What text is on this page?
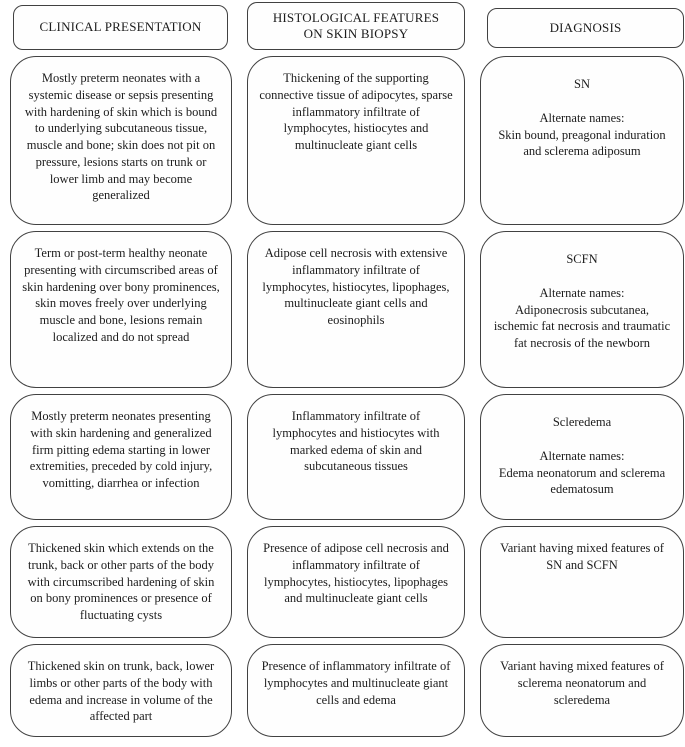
CLINICAL PRESENTATION
HISTOLOGICAL FEATURES
ON SKIN BIOPSY	DIAGNOSIS
Mostly preterm neonates with a systemic disease or sepsis presenting with hardening of skin which is bound to underlying subcutaneous tissue, muscle and bone; skin does not pit on pressure, lesions starts on trunk or lower limb and may become generalized
Thickening of the supporting connective tissue of adipocytes, sparse inflammatory infiltrate of lymphocytes, histiocytes and multinucleate giant cells
SN
Alternate names:
Skin bound, preagonal induration and sclerema adiposum
Term or post-term healthy neonate presenting with circumscribed areas of skin hardening over bony prominences, skin moves freely over underlying muscle and bone, lesions remain localized and do not spread
Adipose cell necrosis with extensive inflammatory infiltrate of lymphocytes, histiocytes, lipophages, multinucleate giant cells and eosinophils
SCFN
Alternate names:
Adiponecrosis subcutanea, ischemic fat necrosis and traumatic fat necrosis of the newborn
Mostly preterm neonates presenting with skin hardening and generalized firm pitting edema starting in lower extremities, preceded by cold injury, vomitting, diarrhea or infection
Inflammatory infiltrate of lymphocytes and histiocytes with marked edema of skin and subcutaneous tissues
Scleredema
Alternate names:
Edema neonatorum and sclerema edematosum
Thickened skin which extends on the trunk, back or other parts of the body with circumscribed hardening of skin on bony prominences or presence of fluctuating cysts
Presence of adipose cell necrosis and inflammatory infiltrate of lymphocytes, histiocytes, lipophages and multinucleate giant cells
Variant having mixed features of SN and SCFN
Thickened skin on trunk, back, lower limbs or other parts of the body with edema and increase in volume of the affected part
Presence of inflammatory infiltrate of lymphocytes and multinucleate giant cells and edema
Variant having mixed features of sclerema neonatorum and scleredema
